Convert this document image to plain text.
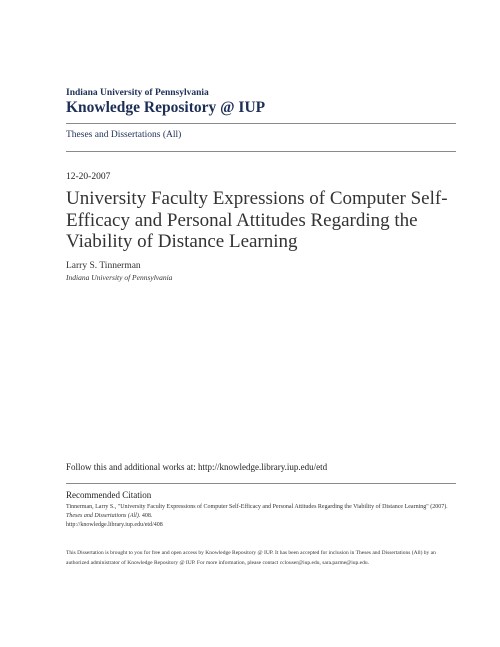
Indiana University of Pennsylvania
Knowledge Repository @ IUP
Theses and Dissertations (All)
12-20-2007
University Faculty Expressions of Computer Self-Efficacy and Personal Attitudes Regarding the Viability of Distance Learning
Larry S. Tinnerman
Indiana University of Pennsylvania
Follow this and additional works at: http://knowledge.library.iup.edu/etd
Recommended Citation
Tinnerman, Larry S., "University Faculty Expressions of Computer Self-Efficacy and Personal Attitudes Regarding the Viability of Distance Learning" (2007). Theses and Dissertations (All). 408.
http://knowledge.library.iup.edu/etd/408
This Dissertation is brought to you for free and open access by Knowledge Repository @ IUP. It has been accepted for inclusion in Theses and Dissertations (All) by an authorized administrator of Knowledge Repository @ IUP. For more information, please contact cclouser@iup.edu, sara.parme@iup.edu.
